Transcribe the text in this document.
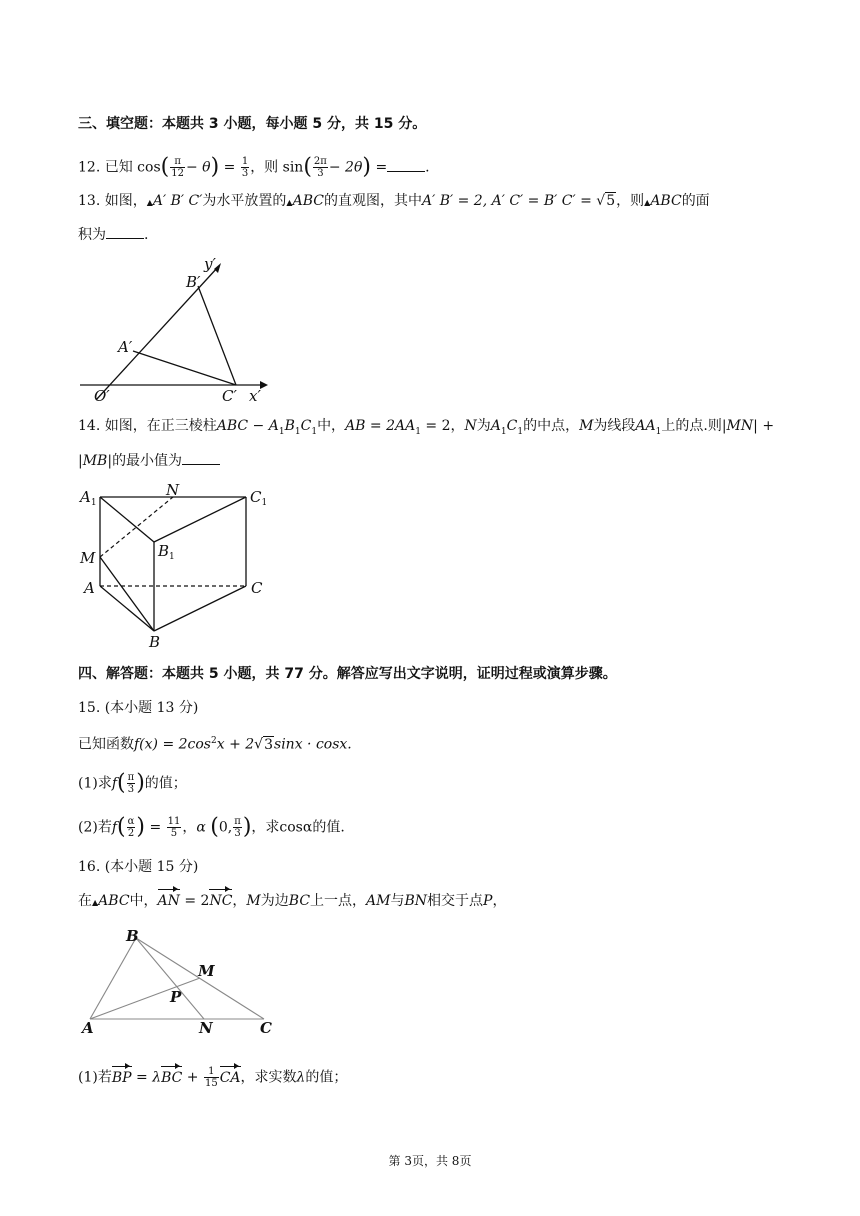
三、填空题：本题共 3 小题，每小题 5 分，共 15 分。
12. 已知 $\cos( \frac{\pi}{12} - \theta) = \frac{1}{3}$ ，则 $\sin( \frac{2\pi}{3} - 2\theta)$ =	.
13. 如图，▲A′ B′ C′为水平放置的▲ABC的直观图，其中A′ B′ = 2, A′ C′ = B′ C′ = √5，则▲ABC的面
积为	.
y′
B′
A′
O′	C′ x′
14. 如图，在正三棱柱ABC − $A_1B_1C_1$中，AB = $2AA_1 = 2$，N为$A_1C_1$的中点，M为线段$AA_1$上的点.则|MN| +
|MB|的最小值为
$A_1$
N	$C_1$
$B_1$
M
A	C
B
四、解答题：本题共 5 小题，共 77 分。解答应写出文字说明，证明过程或演算步骤。
15. (本小题 13 分)
已知函数$f(x) = 2\cos^2x + 2√3\sin x \cdot \cos x$.
(1)求$f( \frac{\pi}{3}$ )的值；
(2)若$f( \frac{\alpha}{2}$ ) = $\frac{11}{5}$ ，α (0, $\frac{\pi}{3}$ )，求cosα的值.
16. (本小题 15 分)
在▲ABC中，AN = 2NC，M为边BC上一点，AM与BN相交于点P，
B
M
P
A	N	C
(1)若BP = $\lambda BC + \frac{1}{15}$ CA，求实数λ的值；
第 3页，共 8页
